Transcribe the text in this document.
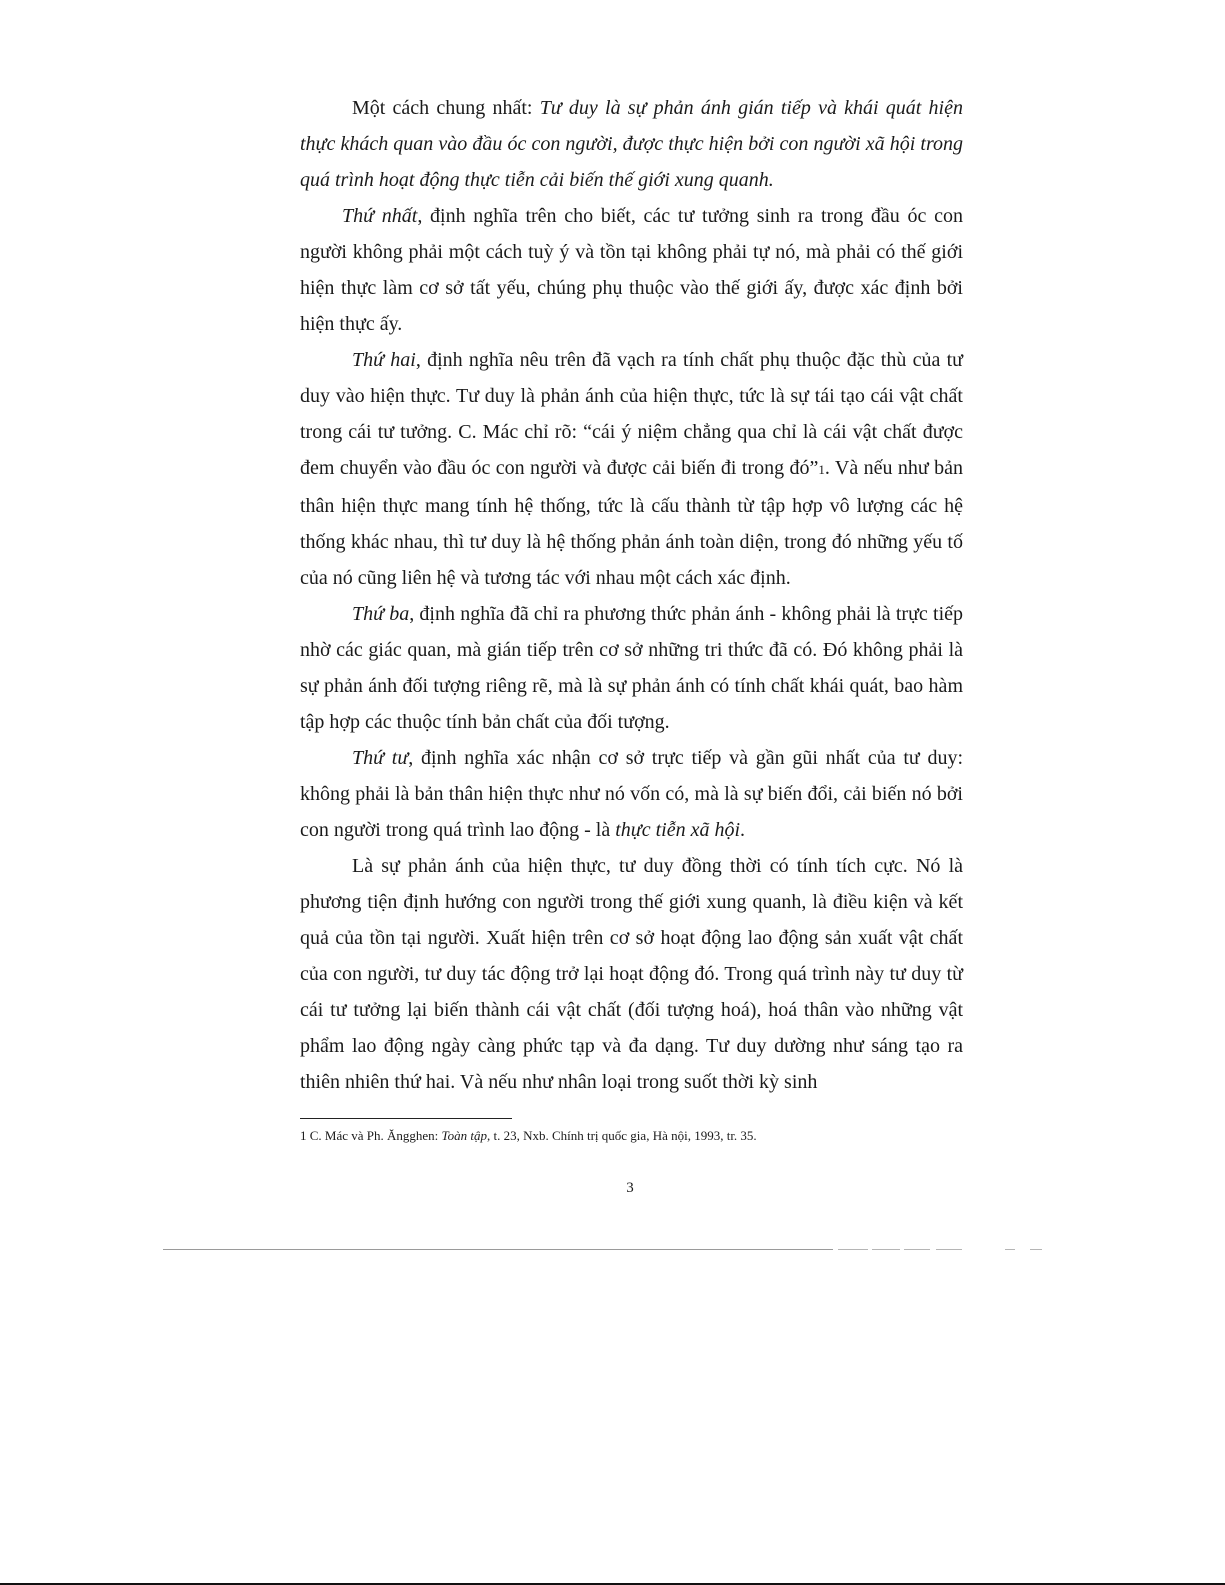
Một cách chung nhất: Tư duy là sự phản ánh gián tiếp và khái quát hiện thực khách quan vào đầu óc con người, được thực hiện bởi con người xã hội trong quá trình hoạt động thực tiễn cải biến thế giới xung quanh.

Thứ nhất, định nghĩa trên cho biết, các tư tưởng sinh ra trong đầu óc con người không phải một cách tuỳ ý và tồn tại không phải tự nó, mà phải có thế giới hiện thực làm cơ sở tất yếu, chúng phụ thuộc vào thế giới ấy, được xác định bởi hiện thực ấy.

Thứ hai, định nghĩa nêu trên đã vạch ra tính chất phụ thuộc đặc thù của tư duy vào hiện thực. Tư duy là phản ánh của hiện thực, tức là sự tái tạo cái vật chất trong cái tư tưởng. C. Mác chỉ rõ: “cái ý niệm chẳng qua chỉ là cái vật chất được đem chuyển vào đầu óc con người và được cải biến đi trong đó”1. Và nếu như bản thân hiện thực mang tính hệ thống, tức là cấu thành từ tập hợp vô lượng các hệ thống khác nhau, thì tư duy là hệ thống phản ánh toàn diện, trong đó những yếu tố của nó cũng liên hệ và tương tác với nhau một cách xác định.

Thứ ba, định nghĩa đã chỉ ra phương thức phản ánh - không phải là trực tiếp nhờ các giác quan, mà gián tiếp trên cơ sở những tri thức đã có. Đó không phải là sự phản ánh đối tượng riêng rẽ, mà là sự phản ánh có tính chất khái quát, bao hàm tập hợp các thuộc tính bản chất của đối tượng.

Thứ tư, định nghĩa xác nhận cơ sở trực tiếp và gần gũi nhất của tư duy: không phải là bản thân hiện thực như nó vốn có, mà là sự biến đổi, cải biến nó bởi con người trong quá trình lao động - là thực tiễn xã hội.

Là sự phản ánh của hiện thực, tư duy đồng thời có tính tích cực. Nó là phương tiện định hướng con người trong thế giới xung quanh, là điều kiện và kết quả của tồn tại người. Xuất hiện trên cơ sở hoạt động lao động sản xuất vật chất của con người, tư duy tác động trở lại hoạt động đó. Trong quá trình này tư duy từ cái tư tưởng lại biến thành cái vật chất (đối tượng hoá), hoá thân vào những vật phẩm lao động ngày càng phức tạp và đa dạng. Tư duy dường như sáng tạo ra thiên nhiên thứ hai. Và nếu như nhân loại trong suốt thời kỳ sinh

1 C. Mác và Ph. Ăngghen: Toàn tập, t. 23, Nxb. Chính trị quốc gia, Hà nội, 1993, tr. 35.
3
